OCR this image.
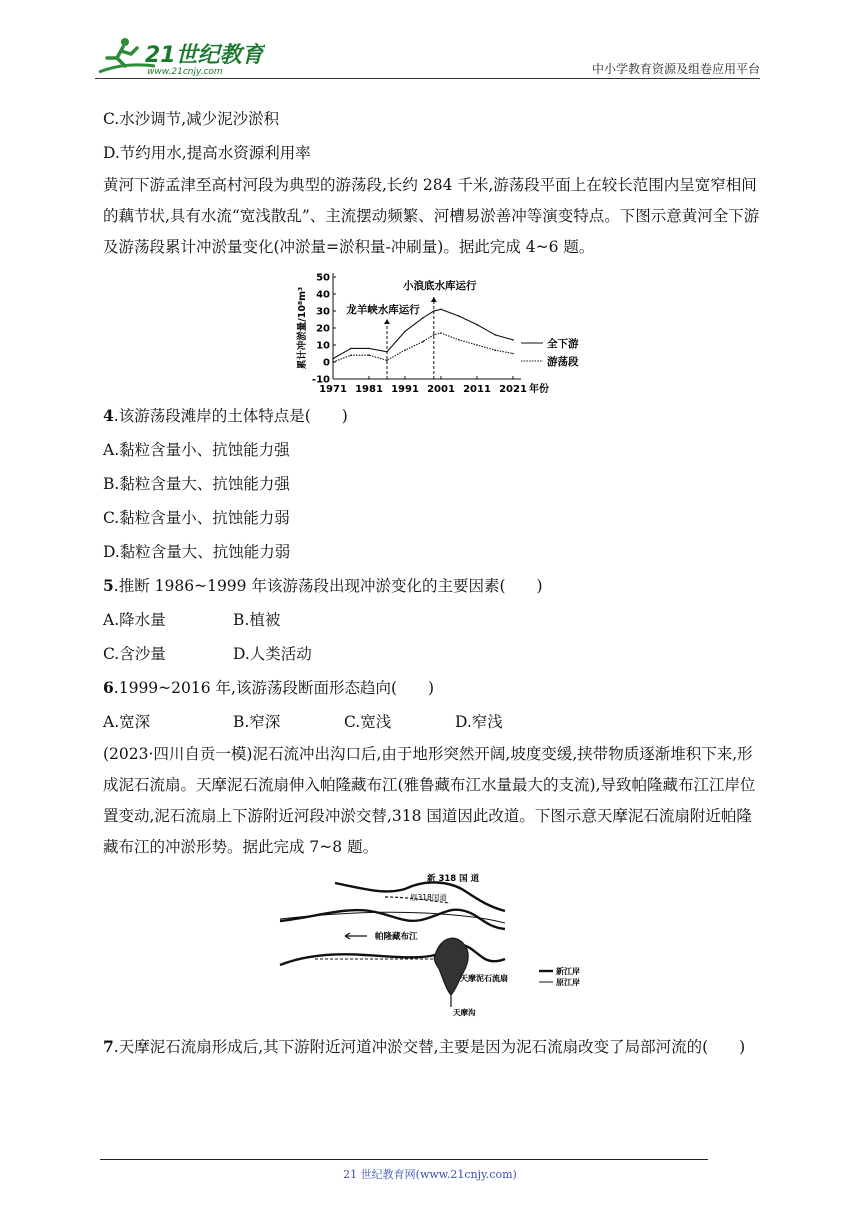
21世纪教育
www.21cnjy.com	中小学教育资源及组卷应用平台
C.水沙调节,减少泥沙淤积
D.节约用水,提高水资源利用率
黄河下游孟津至高村河段为典型的游荡段,长约 284 千米,游荡段平面上在较长范围内呈宽窄相间的藕节状,具有水流“宽浅散乱”、主流摆动频繁、河槽易淤善冲等演变特点。下图示意黄河全下游及游荡段累计冲淤量变化(冲淤量=淤积量-冲刷量)。据此完成 4~6 题。
-10
0
10
20
30
40
50
1971 1981 1991 2001 2011 2021 年份
累计冲淤量/10⁸m³	龙羊峡水库运行
小浪底水库运行
全下游
游荡段
4.该游荡段滩岸的土体特点是(　　)
A.黏粒含量小、抗蚀能力强
B.黏粒含量大、抗蚀能力强
C.黏粒含量小、抗蚀能力弱
D.黏粒含量大、抗蚀能力弱
5.推断 1986~1999 年该游荡段出现冲淤变化的主要因素(　　)
A.降水量	B.植被
C.含沙量	D.人类活动
6.1999~2016 年,该游荡段断面形态趋向(　　)
A.宽深	B.窄深	C.宽浅	D.窄浅
(2023·四川自贡一模)泥石流冲出沟口后,由于地形突然开阔,坡度变缓,挟带物质逐渐堆积下来,形成泥石流扇。天摩泥石流扇伸入帕隆藏布江(雅鲁藏布江水量最大的支流),导致帕隆藏布江江岸位置变动,泥石流扇上下游附近河段冲淤交替,318 国道因此改道。下图示意天摩泥石流扇附近帕隆藏布江的冲淤形势。据此完成 7~8 题。
新 318 国 道
原318国道
帕隆藏布江
天摩泥石流扇
天摩沟
新江岸
原江岸
7.天摩泥石流扇形成后,其下游附近河道冲淤交替,主要是因为泥石流扇改变了局部河流的(　　)
21 世纪教育网(www.21cnjy.com)
